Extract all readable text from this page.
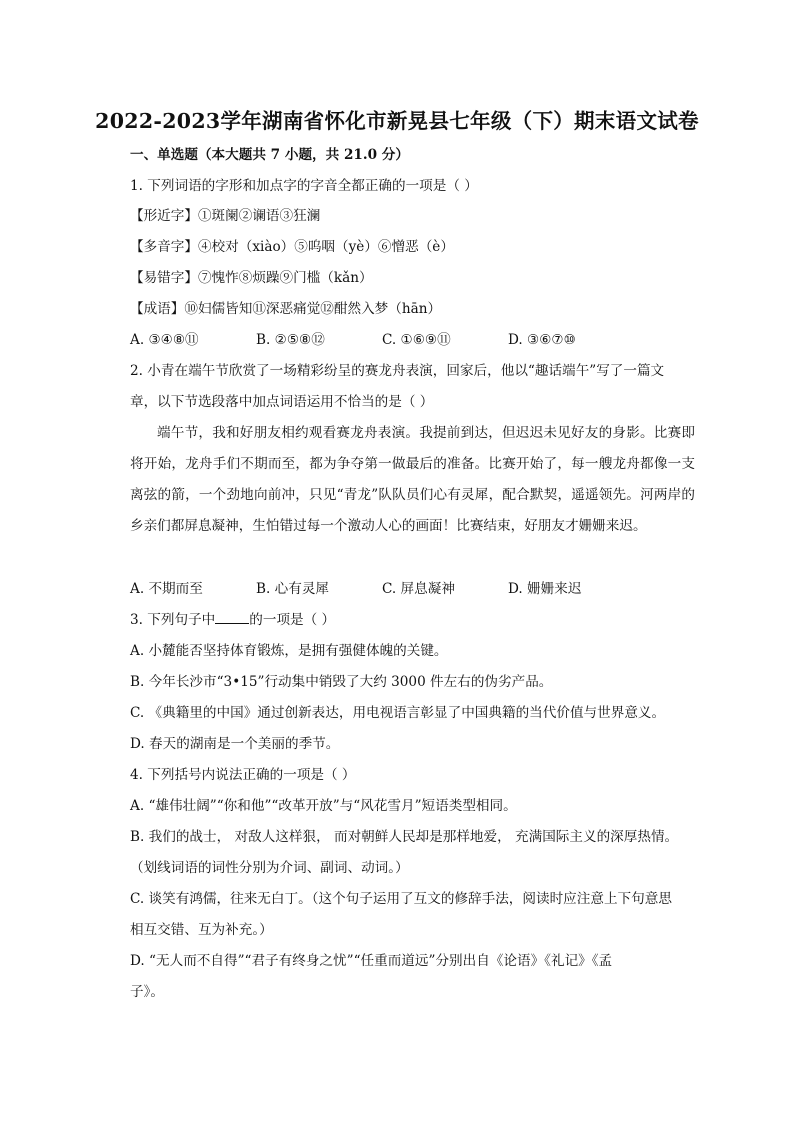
2022-2023学年湖南省怀化市新晃县七年级（下）期末语文试卷
一、单选题（本大题共 7 小题，共 21.0 分）
1. 下列词语的字形和加点字的字音全都正确的一项是（ ）
【形近字】①斑阑②谰语③狂澜
【多音字】④校对（xiào）⑤呜咽（yè）⑥憎恶（è）
【易错字】⑦愧怍⑧烦躁⑨门槛（kǎn）
【成语】⑩妇儒皆知⑪深恶痛觉⑫酣然入梦（hān）
A. ③④⑧⑪	B. ②⑤⑧⑫	C. ①⑥⑨⑪	D. ③⑥⑦⑩
2. 小青在端午节欣赏了一场精彩纷呈的赛龙舟表演，回家后，他以“趣话端午”写了一篇文
章，以下节选段落中加点词语运用不恰当的是（ ）
端午节，我和好朋友相约观看赛龙舟表演。我提前到达，但迟迟未见好友的身影。比赛即将开始，龙舟手们不期而至，都为争夺第一做最后的准备。比赛开始了，每一艘龙舟都像一支离弦的箭，一个劲地向前冲，只见“青龙”队队员们心有灵犀，配合默契，遥遥领先。河两岸的乡亲们都屏息凝神，生怕错过每一个激动人心的画面！比赛结束，好朋友才姗姗来迟。
A. 不期而至	B. 心有灵犀	C. 屏息凝神	D. 姗姗来迟
3. 下列句子中	的一项是（ ）
A. 小麓能否坚持体育锻炼，是拥有强健体魄的关键。
B. 今年长沙市“3•15”行动集中销毁了大约 3000 件左右的伪劣产品。
C. 《典籍里的中国》通过创新表达，用电视语言彰显了中国典籍的当代价值与世界意义。
D. 春天的湖南是一个美丽的季节。
4. 下列括号内说法正确的一项是（ ）
A. “雄伟壮阔”“你和他”“改革开放”与“风花雪月”短语类型相同。
B. 我们的战士， 对敌人这样狠， 而对朝鲜人民却是那样地爱， 充满国际主义的深厚热情。
（划线词语的词性分别为介词、副词、动词。）
C. 谈笑有鸿儒，往来无白丁。（这个句子运用了互文的修辞手法，阅读时应注意上下句意思
相互交错、互为补充。）
D. “无人而不自得”“君子有终身之忧”“任重而道远”分别出自《论语》《礼记》《孟
子》。
